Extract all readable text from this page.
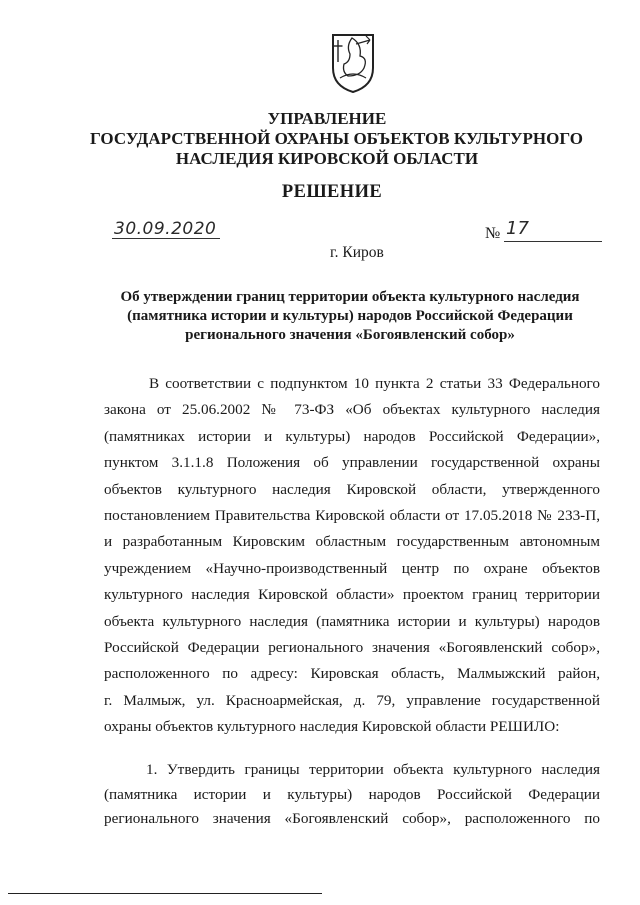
УПРАВЛЕНИЕ
ГОСУДАРСТВЕННОЙ ОХРАНЫ ОБЪЕКТОВ КУЛЬТУРНОГО
НАСЛЕДИЯ КИРОВСКОЙ ОБЛАСТИ
РЕШЕНИЕ
30.09.2020	№ 17
г. Киров
Об утверждении границ территории объекта культурного наследия
(памятника истории и культуры) народов Российской Федерации
регионального значения «Богоявленский собор»
В соответствии с подпунктом 10 пункта 2 статьи 33 Федерального
закона от 25.06.2002 № 73-ФЗ «Об объектах культурного наследия
(памятниках истории и культуры) народов Российской Федерации»,
пунктом 3.1.1.8 Положения об управлении государственной охраны
объектов культурного наследия Кировской области, утвержденного
постановлением Правительства Кировской области от 17.05.2018 № 233-П,
и разработанным Кировским областным государственным автономным
учреждением «Научно-производственный центр по охране объектов
культурного наследия Кировской области» проектом границ территории
объекта культурного наследия (памятника истории и культуры) народов
Российской Федерации регионального значения «Богоявленский собор»,
расположенного по адресу: Кировская область, Малмыжский район,
г. Малмыж, ул. Красноармейская, д. 79, управление государственной
охраны объектов культурного наследия Кировской области РЕШИЛО:
1. Утвердить границы территории объекта культурного наследия
(памятника истории и культуры) народов Российской Федерации
регионального значения «Богоявленский собор», расположенного по
